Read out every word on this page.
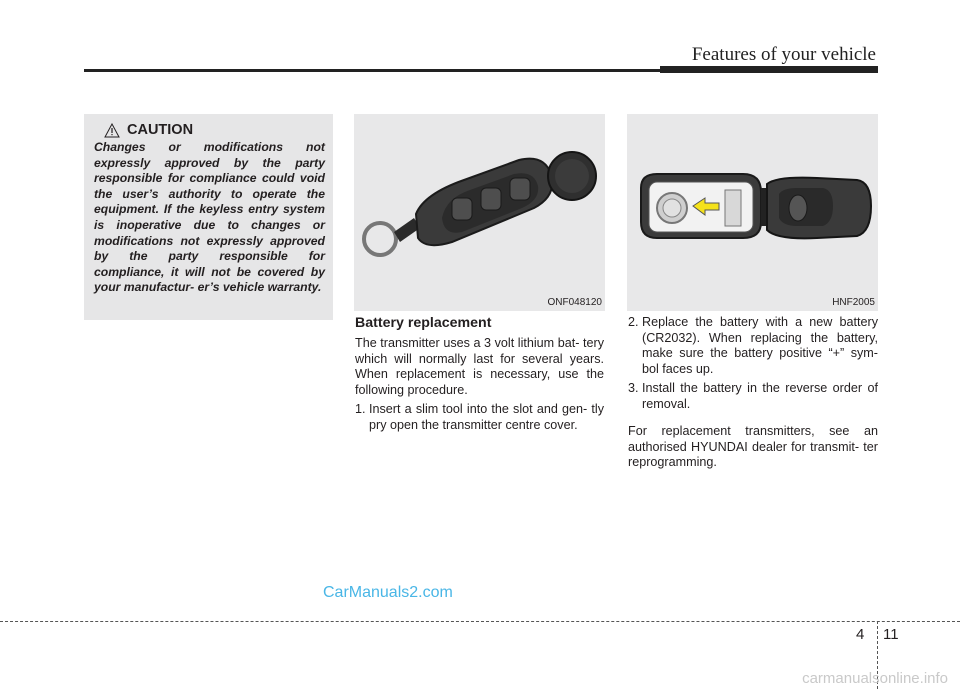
Features of your vehicle
CAUTION
Changes or modifications not expressly approved by the party responsible for compliance could void the user’s authority to operate the equipment. If the keyless entry system is inoperative due to changes or modifications not expressly approved by the party responsible for compliance, it will not be covered by your manufactur- er’s vehicle warranty.
ONF048120	HNF2005
Battery replacement

The transmitter uses a 3 volt lithium bat- tery which will normally last for several years. When replacement is necessary, use the following procedure.

1. Insert a slim tool into the slot and gen- tly pry open the transmitter centre cover.
2. Replace the battery with a new battery (CR2032). When replacing the battery, make sure the battery positive “+” sym- bol faces up.
3. Install the battery in the reverse order of removal.

For replacement transmitters, see an authorised HYUNDAI dealer for transmit- ter reprogramming.

CarManuals2.com
4 11
carmanualsonline.info
